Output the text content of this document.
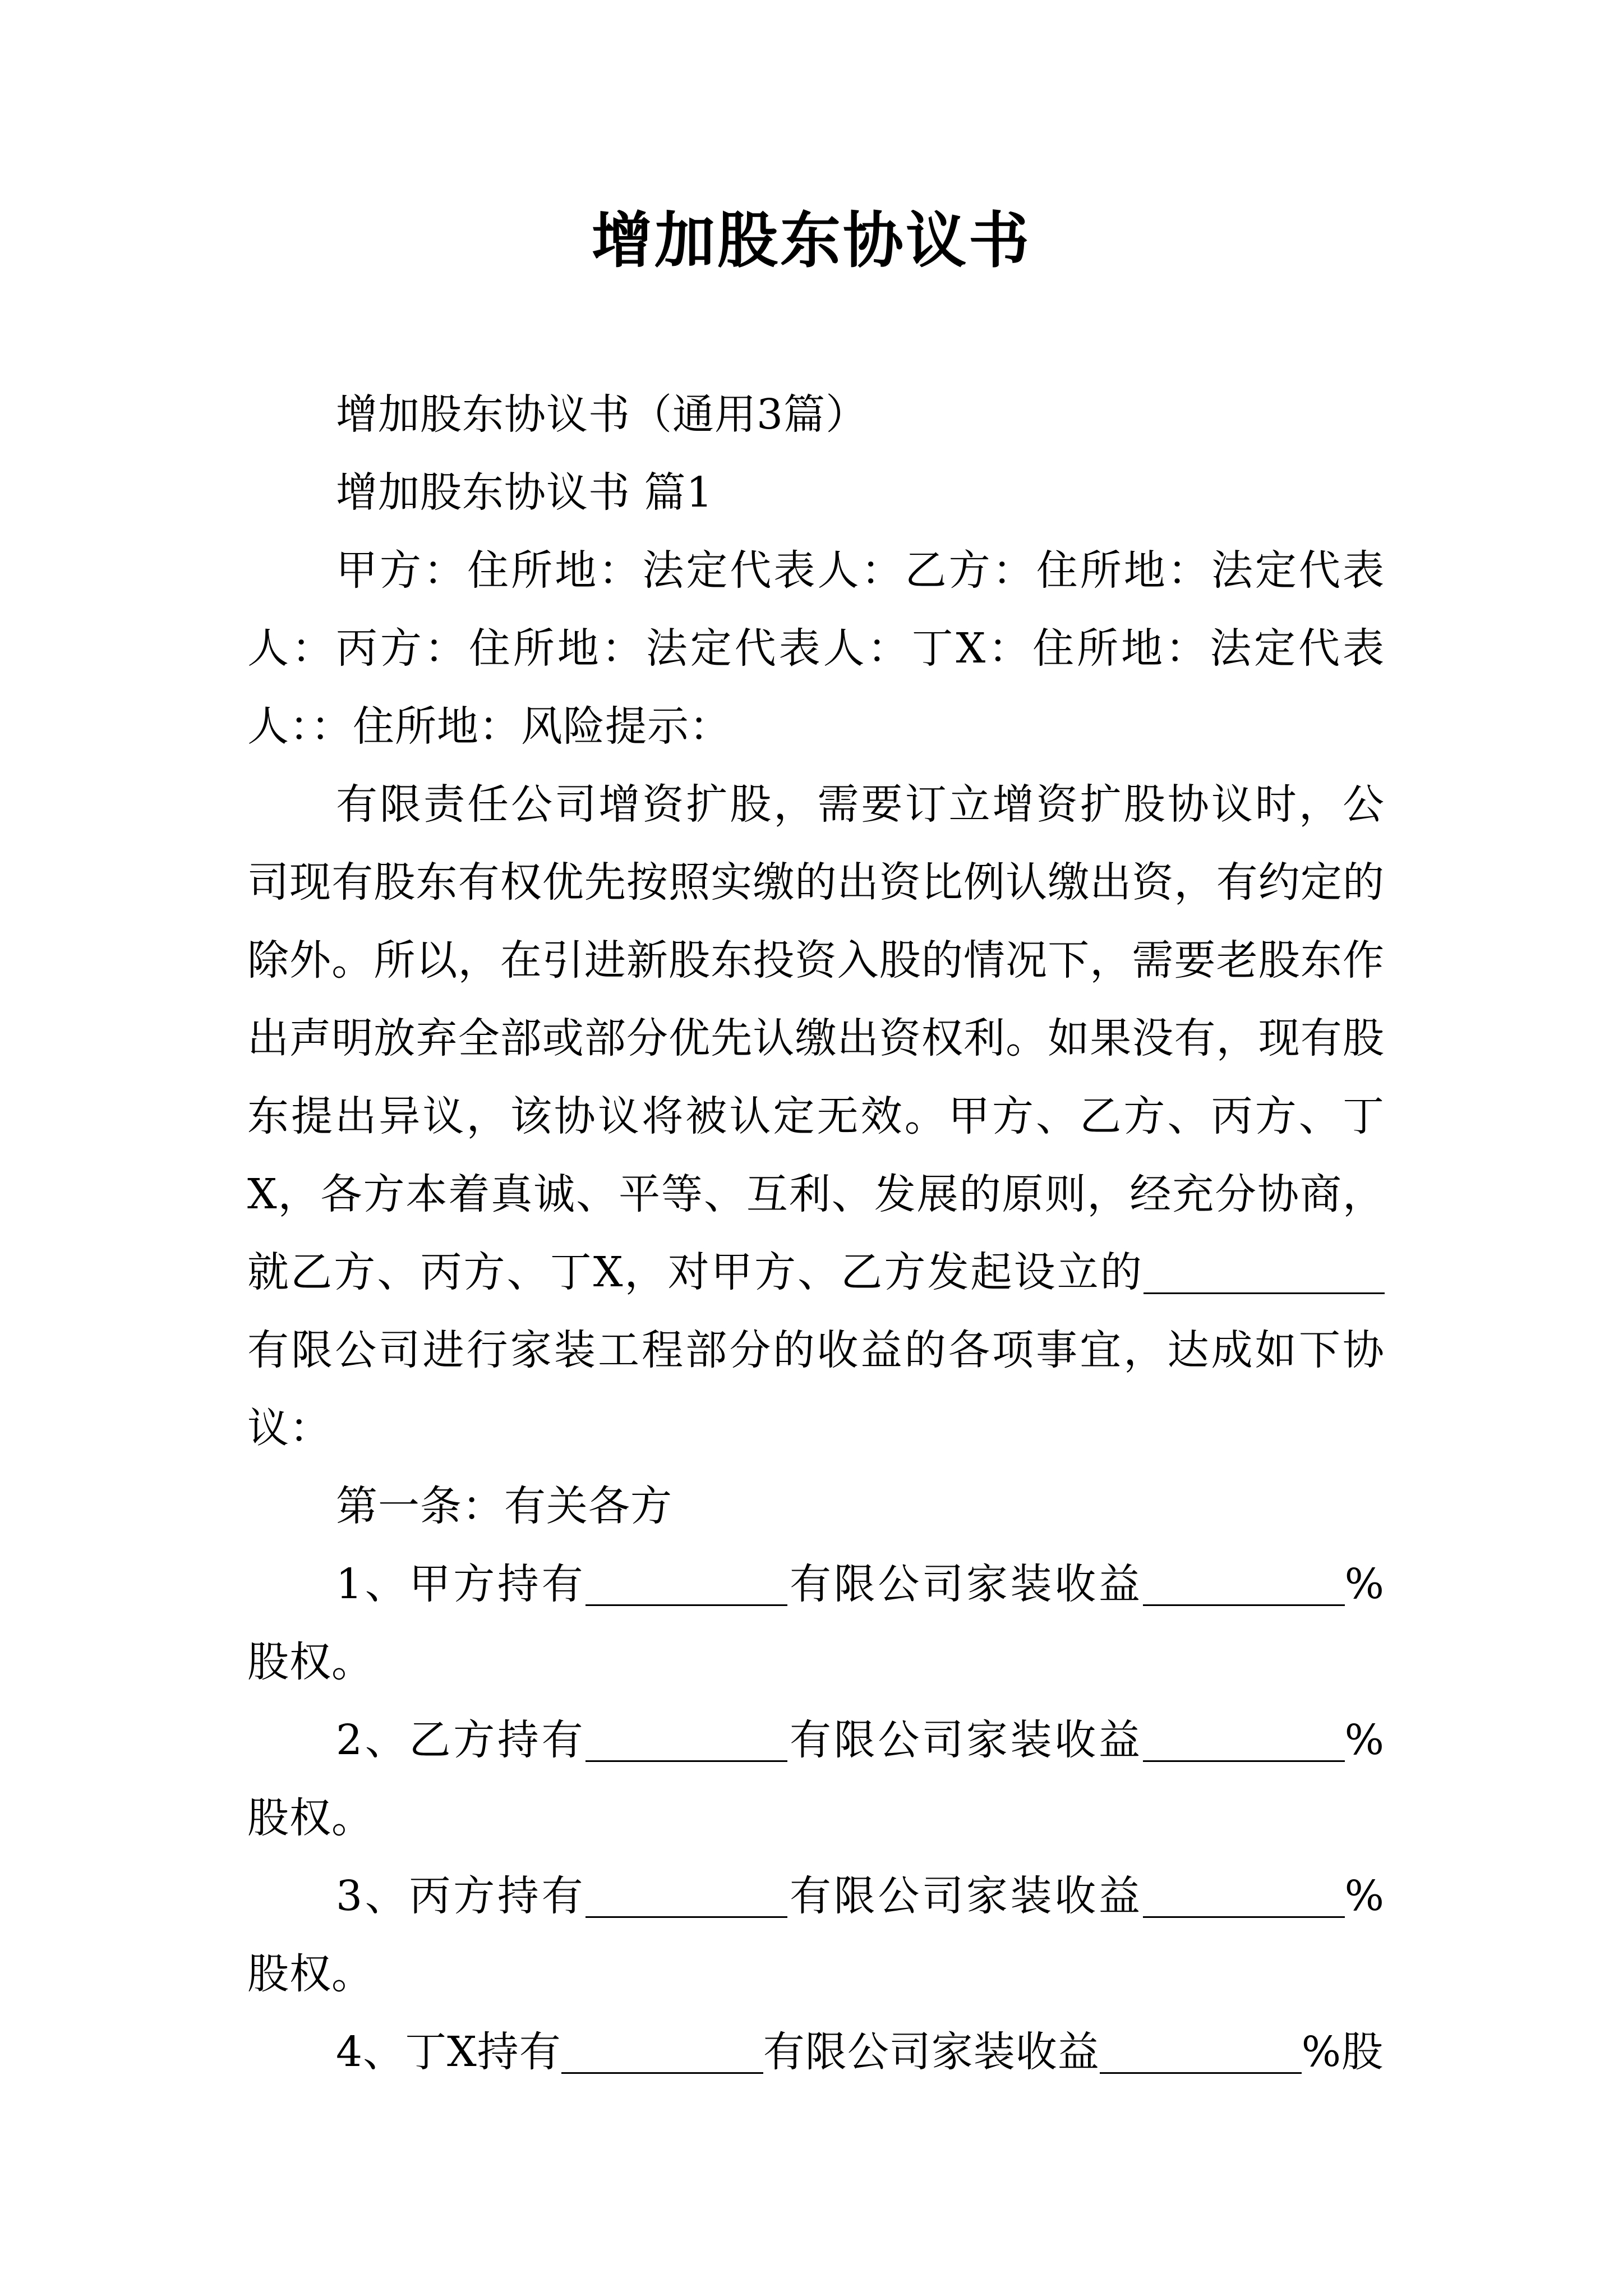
增加股东协议书

增加股东协议书（通用3篇）

增加股东协议书 篇1

甲方：住所地：法定代表人：乙方：住所地：法定代表人：丙方：住所地：法定代表人：丁X：住所地：法定代表人：：住所地：风险提示：

有限责任公司增资扩股，需要订立增资扩股协议时，公司现有股东有权优先按照实缴的出资比例认缴出资，有约定的除外。所以，在引进新股东投资入股的情况下，需要老股东作出声明放弃全部或部分优先认缴出资权利。如果没有，现有股东提出异议，该协议将被认定无效。甲方、乙方、丙方、丁X，各方本着真诚、平等、互利、发展的原则，经充分协商，就乙方、丙方、丁X，对甲方、乙方发起设立的有限公司进行家装工程部分的收益的各项事宜，达成如下协议：

第一条：有关各方

1、甲方持有	有限公司家装收益	%股权。

2、乙方持有	有限公司家装收益	%股权。

3、丙方持有	有限公司家装收益	%股权。

4、丁X持有	有限公司家装收益	%股
